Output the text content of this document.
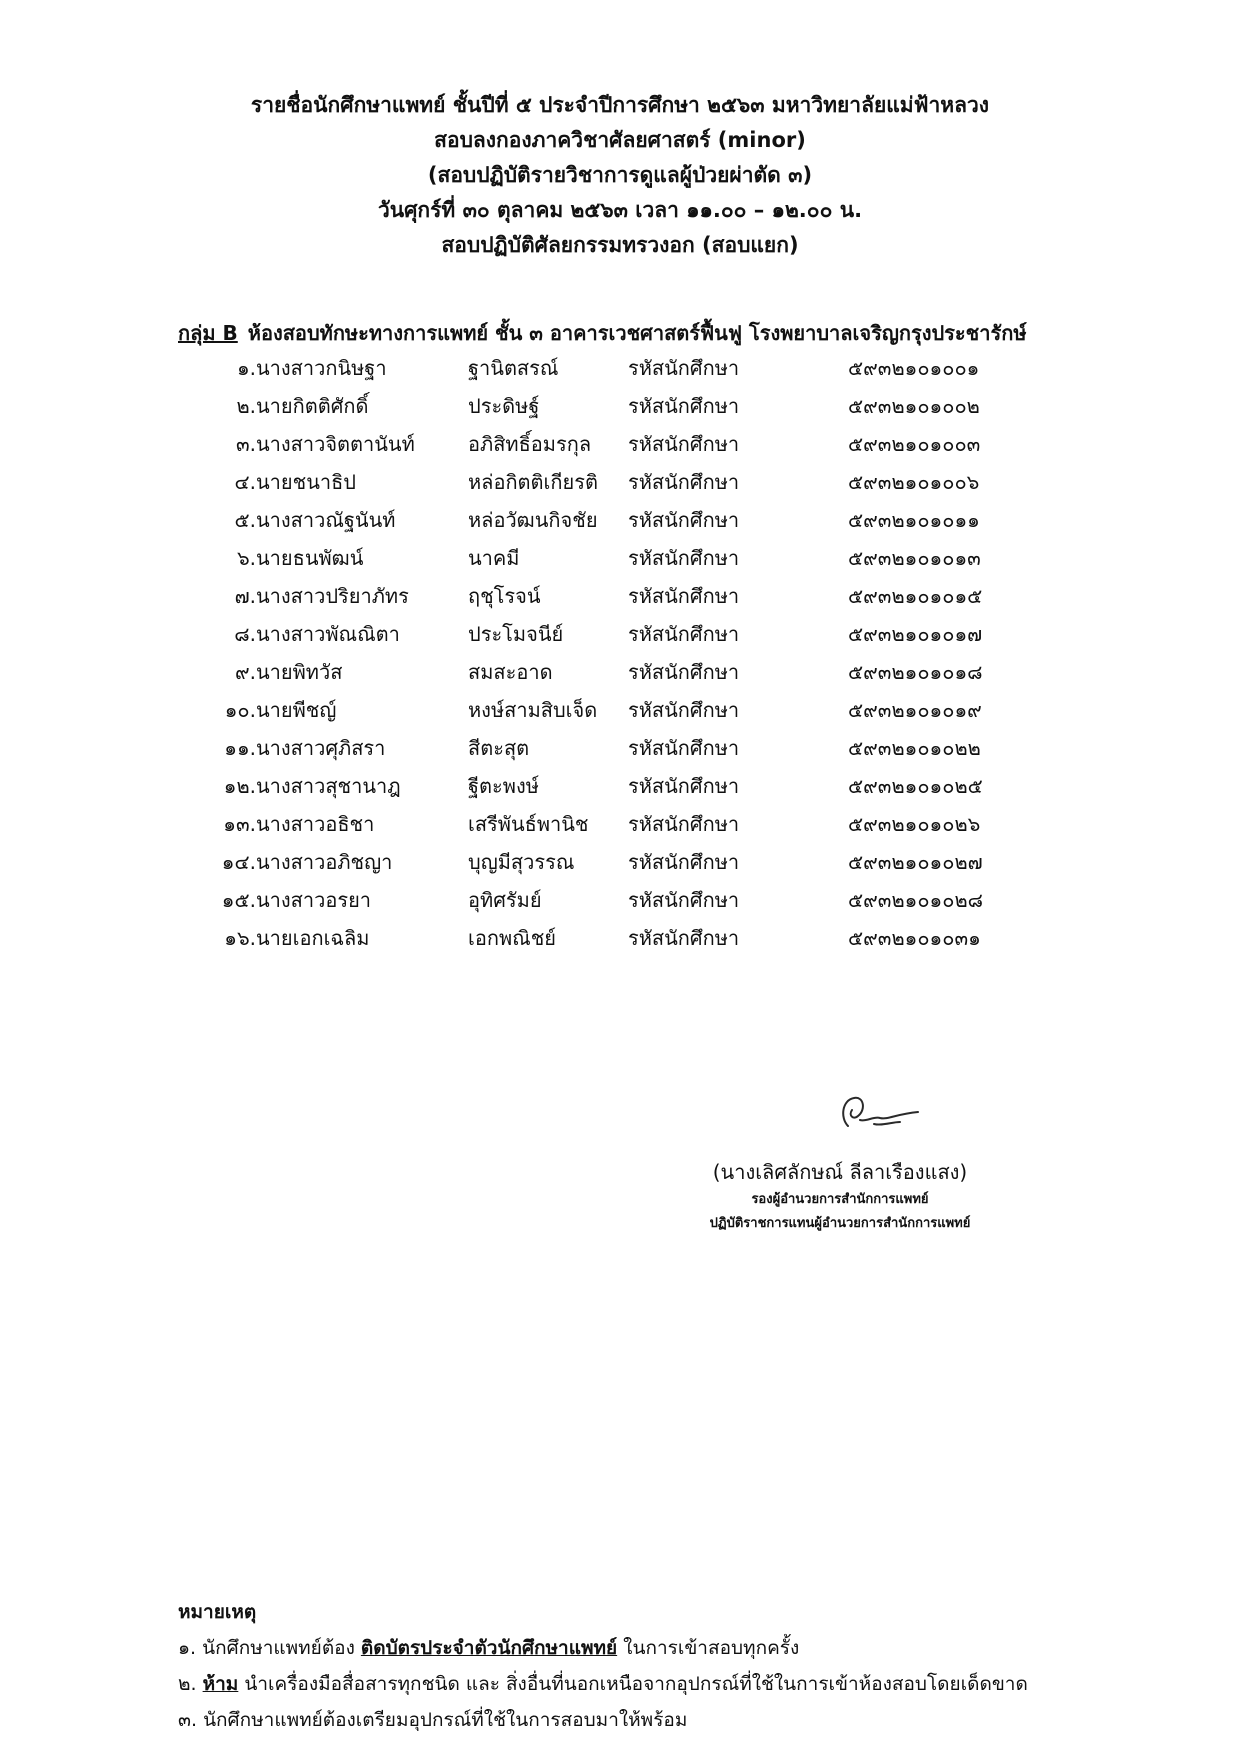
รายชื่อนักศึกษาแพทย์ ชั้นปีที่ ๕ ประจำปีการศึกษา ๒๕๖๓ มหาวิทยาลัยแม่ฟ้าหลวง
สอบลงกองภาควิชาศัลยศาสตร์ (minor)
(สอบปฏิบัติรายวิชาการดูแลผู้ป่วยผ่าตัด ๓)
วันศุกร์ที่ ๓๐ ตุลาคม ๒๕๖๓ เวลา ๑๑.๐๐ – ๑๒.๐๐ น.
สอบปฏิบัติศัลยกรรมทรวงอก (สอบแยก)
กลุ่ม B ห้องสอบทักษะทางการแพทย์ ชั้น ๓ อาคารเวชศาสตร์ฟื้นฟู โรงพยาบาลเจริญกรุงประชารักษ์
๑. นางสาวกนิษฐา	ฐานิตสรณ์	รหัสนักศึกษา	๕๙๓๒๑๐๑๐๐๑
๒. นายกิตติศักดิ์	ประดิษฐ์	รหัสนักศึกษา	๕๙๓๒๑๐๑๐๐๒
๓. นางสาวจิตตานันท์	อภิสิทธิ์อมรกุล รหัสนักศึกษา	๕๙๓๒๑๐๑๐๐๓
๔. นายชนาธิป	หล่อกิตติเกียรติ รหัสนักศึกษา	๕๙๓๒๑๐๑๐๐๖
๕. นางสาวณัฐนันท์	หล่อวัฒนกิจชัย รหัสนักศึกษา	๕๙๓๒๑๐๑๐๑๑
๖. นายธนพัฒน์	นาคมี	รหัสนักศึกษา	๕๙๓๒๑๐๑๐๑๓
๗. นางสาวปริยาภัทร	ฤชุโรจน์	รหัสนักศึกษา	๕๙๓๒๑๐๑๐๑๕
๘. นางสาวพัณณิตา	ประโมจนีย์	รหัสนักศึกษา	๕๙๓๒๑๐๑๐๑๗
๙. นายพิทวัส	สมสะอาด	รหัสนักศึกษา	๕๙๓๒๑๐๑๐๑๘
๑๐. นายพีชญ์	หงษ์สามสิบเจ็ด รหัสนักศึกษา	๕๙๓๒๑๐๑๐๑๙
๑๑. นางสาวศุภิสรา	สีตะสุต	รหัสนักศึกษา	๕๙๓๒๑๐๑๐๒๒
๑๒. นางสาวสุชานาฎ	ฐีตะพงษ์	รหัสนักศึกษา	๕๙๓๒๑๐๑๐๒๕
๑๓. นางสาวอธิชา	เสรีพันธ์พานิช รหัสนักศึกษา	๕๙๓๒๑๐๑๐๒๖
๑๔. นางสาวอภิชญา	บุญมีสุวรรณ	รหัสนักศึกษา	๕๙๓๒๑๐๑๐๒๗
๑๕. นางสาวอรยา	อุทิศรัมย์	รหัสนักศึกษา	๕๙๓๒๑๐๑๐๒๘
๑๖. นายเอกเฉลิม	เอกพณิชย์	รหัสนักศึกษา	๕๙๓๒๑๐๑๐๓๑
(นางเลิศลักษณ์ ลีลาเรืองแสง)
รองผู้อำนวยการสำนักการแพทย์
ปฏิบัติราชการแทนผู้อำนวยการสำนักการแพทย์
หมายเหตุ
๑. นักศึกษาแพทย์ต้อง ติดบัตรประจำตัวนักศึกษาแพทย์ ในการเข้าสอบทุกครั้ง
๒. ห้าม นำเครื่องมือสื่อสารทุกชนิด และ สิ่งอื่นที่นอกเหนือจากอุปกรณ์ที่ใช้ในการเข้าห้องสอบโดยเด็ดขาด
๓. นักศึกษาแพทย์ต้องเตรียมอุปกรณ์ที่ใช้ในการสอบมาให้พร้อม
